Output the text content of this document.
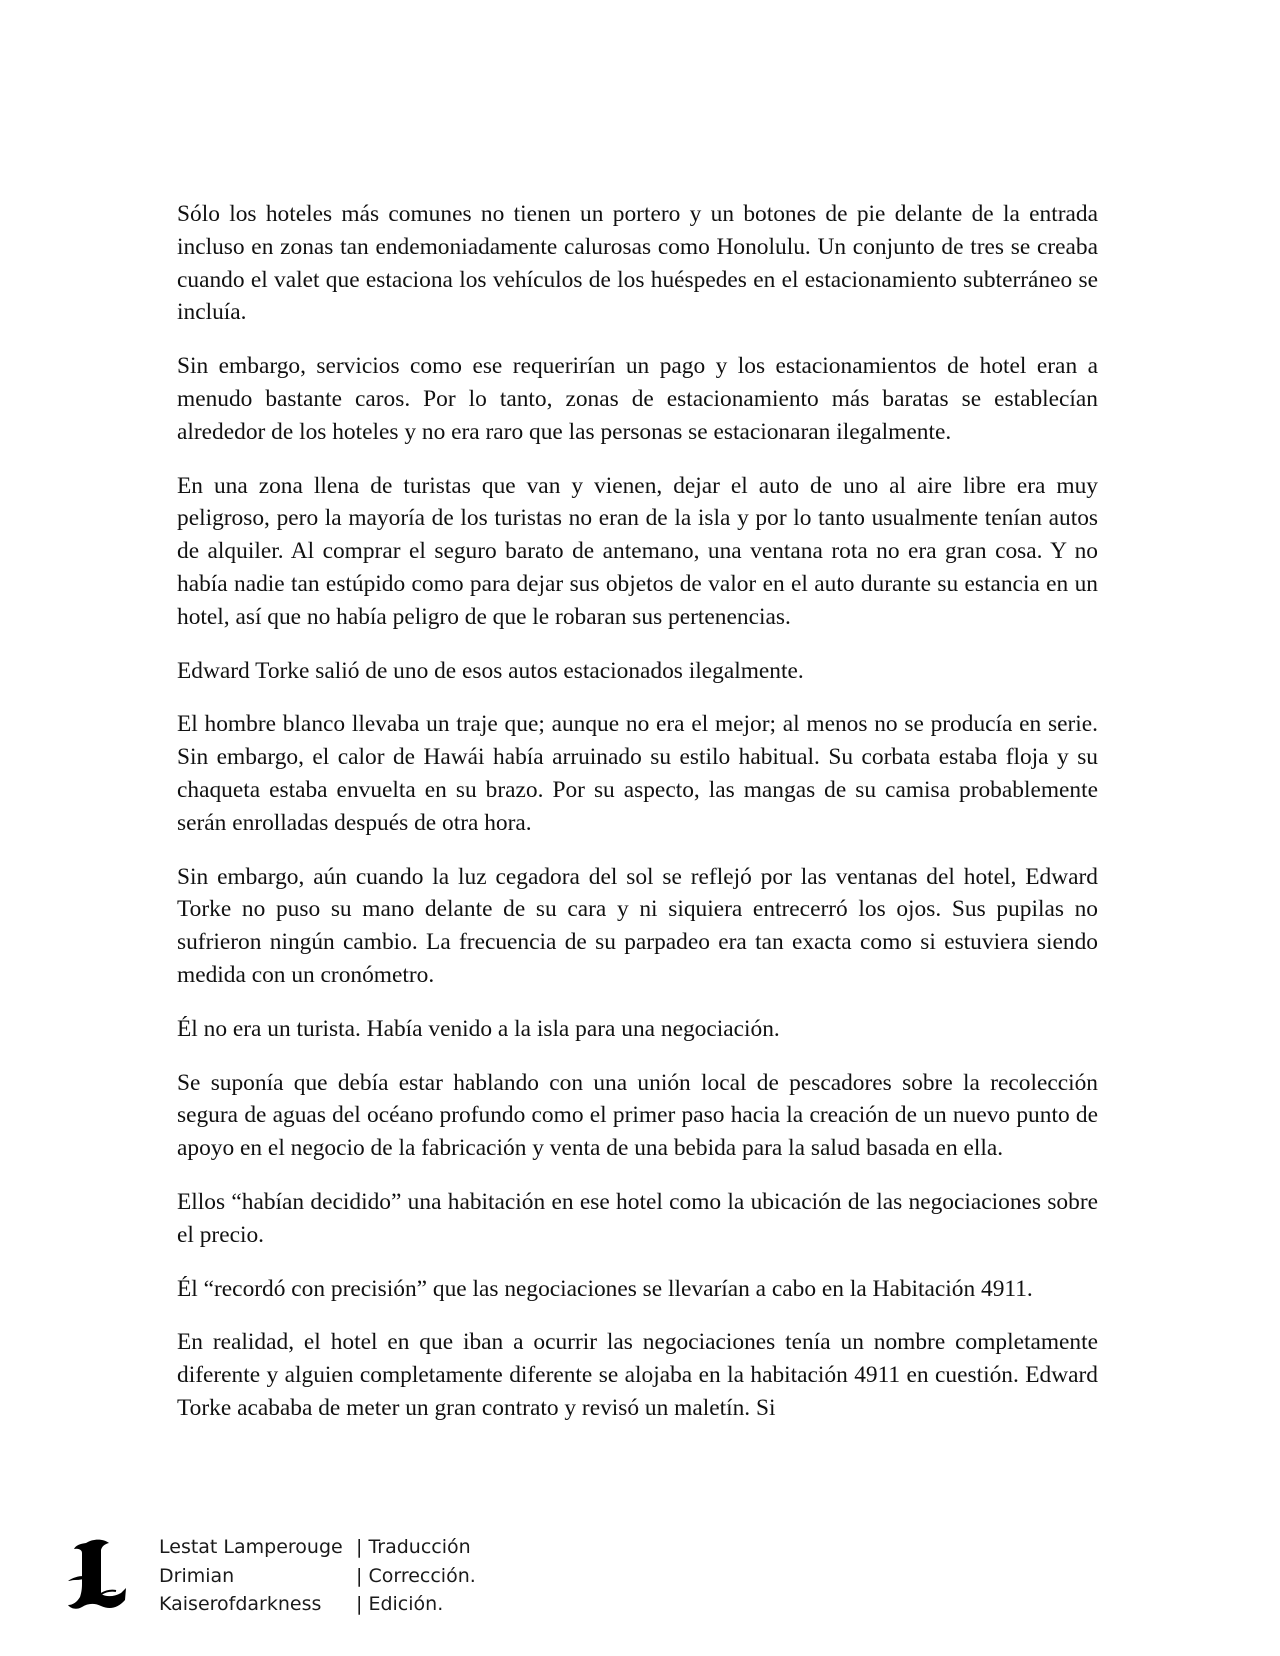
Sólo los hoteles más comunes no tienen un portero y un botones de pie delante de la entrada incluso en zonas tan endemoniadamente calurosas como Honolulu. Un conjunto de tres se creaba cuando el valet que estaciona los vehículos de los huéspedes en el estacionamiento subterráneo se incluía.

Sin embargo, servicios como ese requerirían un pago y los estacionamientos de hotel eran a menudo bastante caros. Por lo tanto, zonas de estacionamiento más baratas se establecían alrededor de los hoteles y no era raro que las personas se estacionaran ilegalmente.

En una zona llena de turistas que van y vienen, dejar el auto de uno al aire libre era muy peligroso, pero la mayoría de los turistas no eran de la isla y por lo tanto usualmente tenían autos de alquiler. Al comprar el seguro barato de antemano, una ventana rota no era gran cosa. Y no había nadie tan estúpido como para dejar sus objetos de valor en el auto durante su estancia en un hotel, así que no había peligro de que le robaran sus pertenencias.

Edward Torke salió de uno de esos autos estacionados ilegalmente.

El hombre blanco llevaba un traje que; aunque no era el mejor; al menos no se producía en serie. Sin embargo, el calor de Hawái había arruinado su estilo habitual. Su corbata estaba floja y su chaqueta estaba envuelta en su brazo. Por su aspecto, las mangas de su camisa probablemente serán enrolladas después de otra hora.

Sin embargo, aún cuando la luz cegadora del sol se reflejó por las ventanas del hotel, Edward Torke no puso su mano delante de su cara y ni siquiera entrecerró los ojos. Sus pupilas no sufrieron ningún cambio. La frecuencia de su parpadeo era tan exacta como si estuviera siendo medida con un cronómetro.

Él no era un turista. Había venido a la isla para una negociación.

Se suponía que debía estar hablando con una unión local de pescadores sobre la recolección segura de aguas del océano profundo como el primer paso hacia la creación de un nuevo punto de apoyo en el negocio de la fabricación y venta de una bebida para la salud basada en ella.

Ellos “habían decidido” una habitación en ese hotel como la ubicación de las negociaciones sobre el precio.

Él “recordó con precisión” que las negociaciones se llevarían a cabo en la Habitación 4911.

En realidad, el hotel en que iban a ocurrir las negociaciones tenía un nombre completamente diferente y alguien completamente diferente se alojaba en la habitación 4911 en cuestión. Edward Torke acababa de meter un gran contrato y revisó un maletín. Si

Lestat Lamperouge	| Traducción
Drimian	| Corrección.
Kaiserofdarkness	| Edición.
